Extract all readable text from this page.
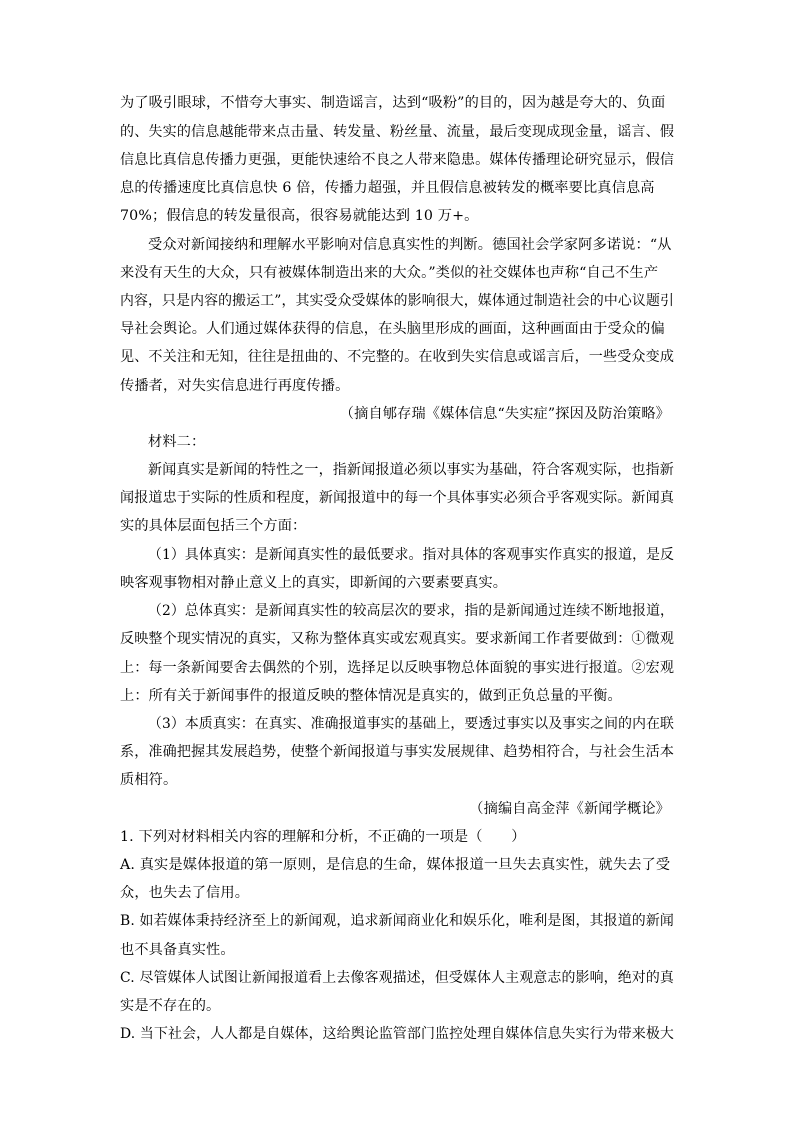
为了吸引眼球，不惜夸大事实、制造谣言，达到“吸粉”的目的，因为越是夸大的、负面
的、失实的信息越能带来点击量、转发量、粉丝量、流量，最后变现成现金量，谣言、假
信息比真信息传播力更强，更能快速给不良之人带来隐患。媒体传播理论研究显示，假信
息的传播速度比真信息快 6 倍，传播力超强，并且假信息被转发的概率要比真信息高
70%；假信息的转发量很高，很容易就能达到 10 万+。
受众对新闻接纳和理解水平影响对信息真实性的判断。德国社会学家阿多诺说：“从
来没有天生的大众，只有被媒体制造出来的大众。”类似的社交媒体也声称“自己不生产
内容，只是内容的搬运工”，其实受众受媒体的影响很大，媒体通过制造社会的中心议题引
导社会舆论。人们通过媒体获得的信息，在头脑里形成的画面，这种画面由于受众的偏
见、不关注和无知，往往是扭曲的、不完整的。在收到失实信息或谣言后，一些受众变成
传播者，对失实信息进行再度传播。
（摘自郇存瑞《媒体信息“失实症”探因及防治策略》
材料二：
新闻真实是新闻的特性之一，指新闻报道必须以事实为基础，符合客观实际，也指新
闻报道忠于实际的性质和程度，新闻报道中的每一个具体事实必须合乎客观实际。新闻真
实的具体层面包括三个方面：
（1）具体真实：是新闻真实性的最低要求。指对具体的客观事实作真实的报道，是反
映客观事物相对静止意义上的真实，即新闻的六要素要真实。
（2）总体真实：是新闻真实性的较高层次的要求，指的是新闻通过连续不断地报道，
反映整个现实情况的真实，又称为整体真实或宏观真实。要求新闻工作者要做到：①微观
上：每一条新闻要舍去偶然的个别，选择足以反映事物总体面貌的事实进行报道。②宏观
上：所有关于新闻事件的报道反映的整体情况是真实的，做到正负总量的平衡。
（3）本质真实：在真实、准确报道事实的基础上，要透过事实以及事实之间的内在联
系，准确把握其发展趋势，使整个新闻报道与事实发展规律、趋势相符合，与社会生活本
质相符。
（摘编自高金萍《新闻学概论》
1. 下列对材料相关内容的理解和分析，不正确的一项是（　　）
A. 真实是媒体报道的第一原则，是信息的生命，媒体报道一旦失去真实性，就失去了受
众，也失去了信用。
B. 如若媒体秉持经济至上的新闻观，追求新闻商业化和娱乐化，唯利是图，其报道的新闻
也不具备真实性。
C. 尽管媒体人试图让新闻报道看上去像客观描述，但受媒体人主观意志的影响，绝对的真
实是不存在的。
D. 当下社会，人人都是自媒体，这给舆论监管部门监控处理自媒体信息失实行为带来极大
